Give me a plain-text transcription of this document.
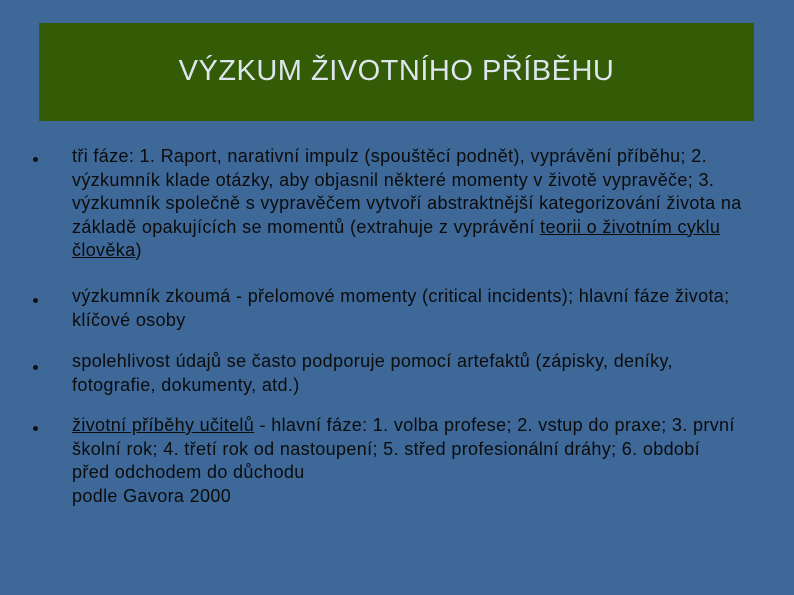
VÝZKUM ŽIVOTNÍHO PŘÍBĚHU
tři fáze: 1. Raport, narativní impulz (spouštěcí podnět), vyprávění příběhu; 2. výzkumník klade otázky, aby objasnil některé momenty v životě vypravěče; 3. výzkumník společně s vypravěčem vytvoří abstraktnější kategorizování života na základě opakujících se momentů (extrahuje z vyprávění teorii o životním cyklu člověka)
výzkumník zkoumá - přelomové momenty (critical incidents); hlavní fáze života; klíčové osoby
spolehlivost údajů se často podporuje pomocí artefaktů (zápisky, deníky, fotografie, dokumenty, atd.)
životní příběhy učitelů - hlavní fáze: 1. volba profese; 2. vstup do praxe; 3. první školní rok; 4. třetí rok od nastoupení; 5. střed profesionální dráhy; 6. období před odchodem do důchodu
podle Gavora 2000
